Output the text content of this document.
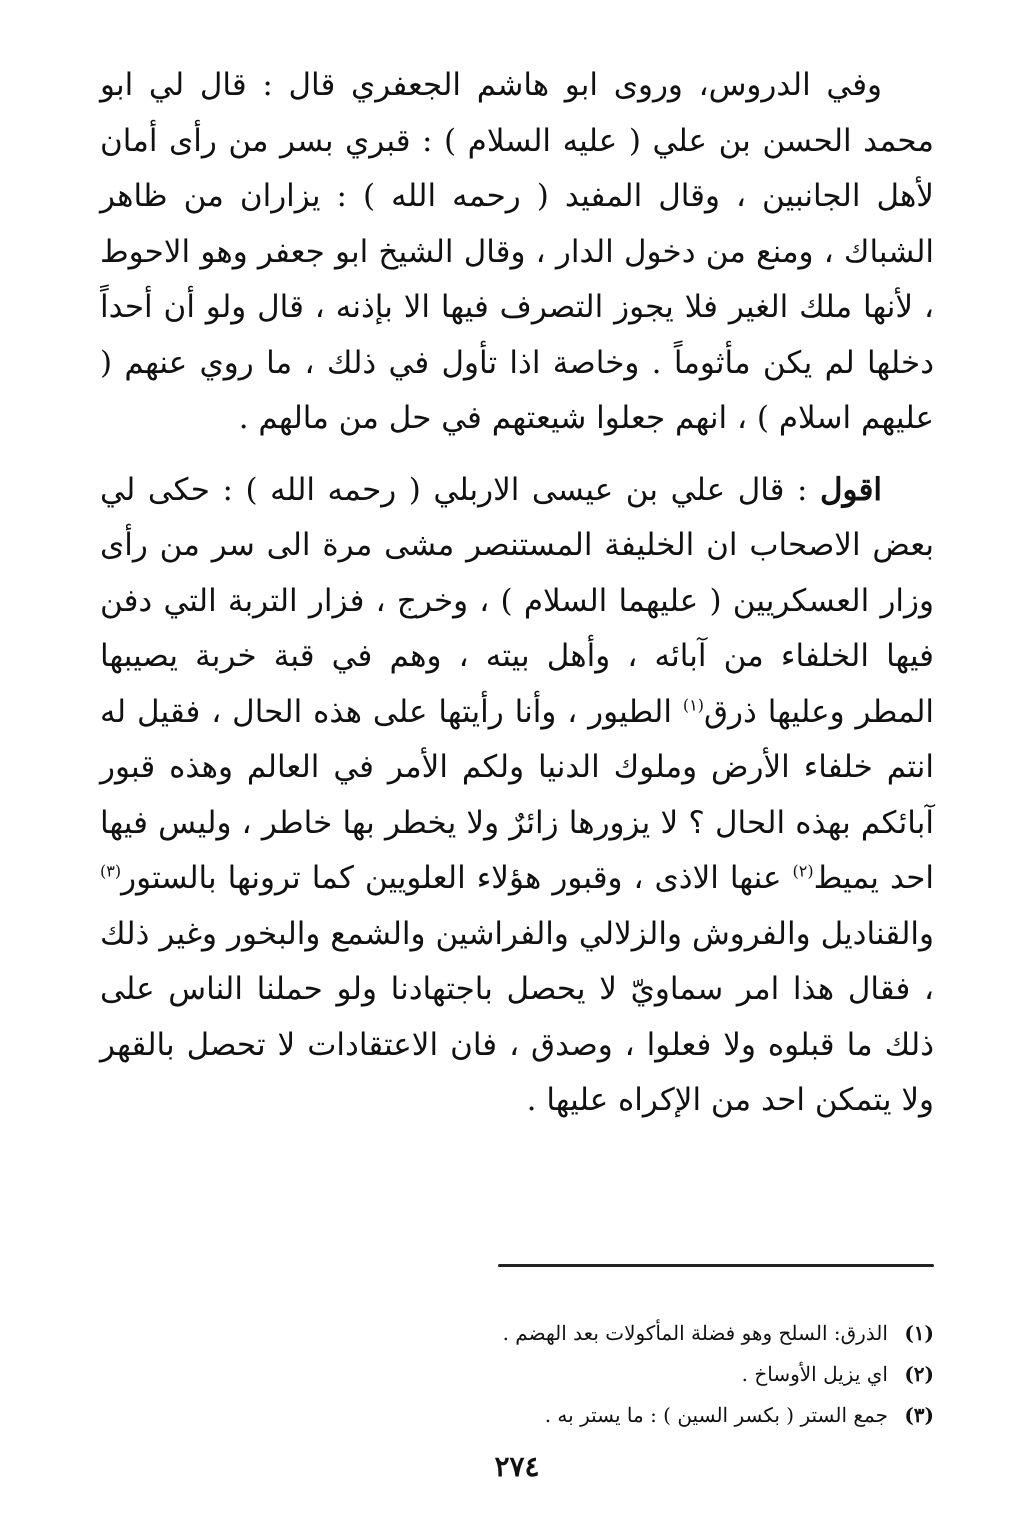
وفي الدروس، وروى ابو هاشم الجعفري قال : قال لي ابو محمد الحسن بن علي ( عليه السلام ) : قبري بسر من رأى أمان لأهل الجانبين ، وقال المفيد ( رحمه الله ) : يزاران من ظاهر الشباك ، ومنع من دخول الدار ، وقال الشيخ ابو جعفر وهو الاحوط ، لأنها ملك الغير فلا يجوز التصرف فيها الا بإذنه ، قال ولو أن أحداً دخلها لم يكن مأثوماً . وخاصة اذا تأول في ذلك ، ما روي عنهم ( عليهم اسلام ) ، انهم جعلوا شيعتهم في حل من مالهم .

اقول : قال علي بن عيسى الاربلي ( رحمه الله ) : حكى لي بعض الاصحاب ان الخليفة المستنصر مشى مرة الى سر من رأى وزار العسكريين ( عليهما السلام ) ، وخرج ، فزار التربة التي دفن فيها الخلفاء من آبائه ، وأهل بيته ، وهم في قبة خربة يصيبها المطر وعليها ذرق$^{(١)}$ الطيور ، وأنا رأيتها على هذه الحال ، فقيل له انتم خلفاء الأرض وملوك الدنيا ولكم الأمر في العالم وهذه قبور آبائكم بهذه الحال ؟ لا يزورها زائرٌ ولا يخطر بها خاطر ، وليس فيها احد يميط$^{(٢)}$ عنها الاذى ، وقبور هؤلاء العلويين كما ترونها بالستور$^{(٣)}$ والقناديل والفروش والزلالي والفراشين والشمع والبخور وغير ذلك ، فقال هذا امر سماويّ لا يحصل باجتهادنا ولو حملنا الناس على ذلك ما قبلوه ولا فعلوا ، وصدق ، فان الاعتقادات لا تحصل بالقهر ولا يتمكن احد من الإكراه عليها .

(١) الذرق: السلح وهو فضلة المأكولات بعد الهضم .
(٢) اي يزيل الأوساخ .
(٣) جمع الستر ( بكسر السين ) : ما يستر به .
٢٧٤
